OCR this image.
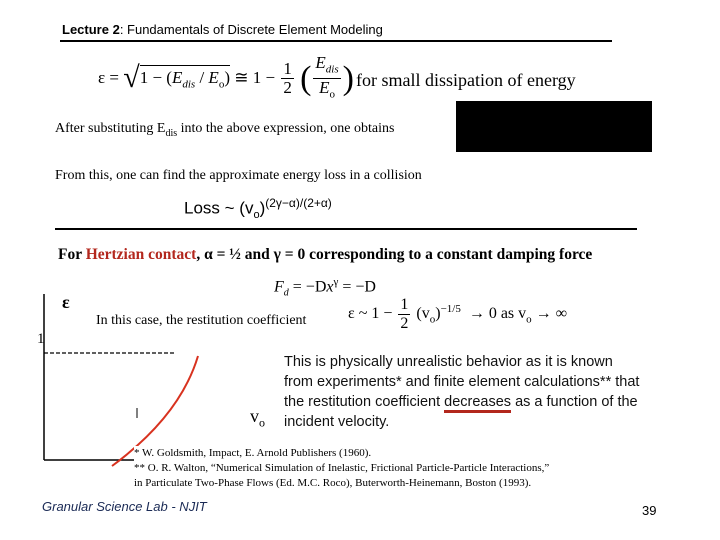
Lecture 2: Fundamentals of Discrete Element Modeling
$\varepsilon = √1 - (E_{dis} / E_o)$ ≅ $1 - \frac{1}{2}$ ( $\frac{E_{dis}}{E_o}$ ) for small dissipation of energy
After substituting $E_{dis}$ into the above expression, one obtains
From this, one can find the approximate energy loss in a collision
Loss ~ $(v_o)^{(2\gamma-\alpha)/(2+\alpha)}$
For Hertzian contact, α = ½ and γ = 0 corresponding to a constant damping force
$F_d = -Dx^\gamma = -D$
ε
1
$v_o$
In this case, the restitution coefficient	ε ~ $1 - \frac{1}{2} (v_o)^{-1/5} \to 0$ as $v_o$ → ∞
This is physically unrealistic behavior as it is known
from experiments* and finite element calculations** that
the restitution coefficient decreases as a function of the
incident velocity.
* W. Goldsmith, Impact, E. Arnold Publishers (1960).
** O. R. Walton, “Numerical Simulation of Inelastic, Frictional Particle-Particle Interactions,”
in Particulate Two-Phase Flows (Ed. M.C. Roco), Buterworth-Heinemann, Boston (1993).
Granular Science Lab - NJIT	39
